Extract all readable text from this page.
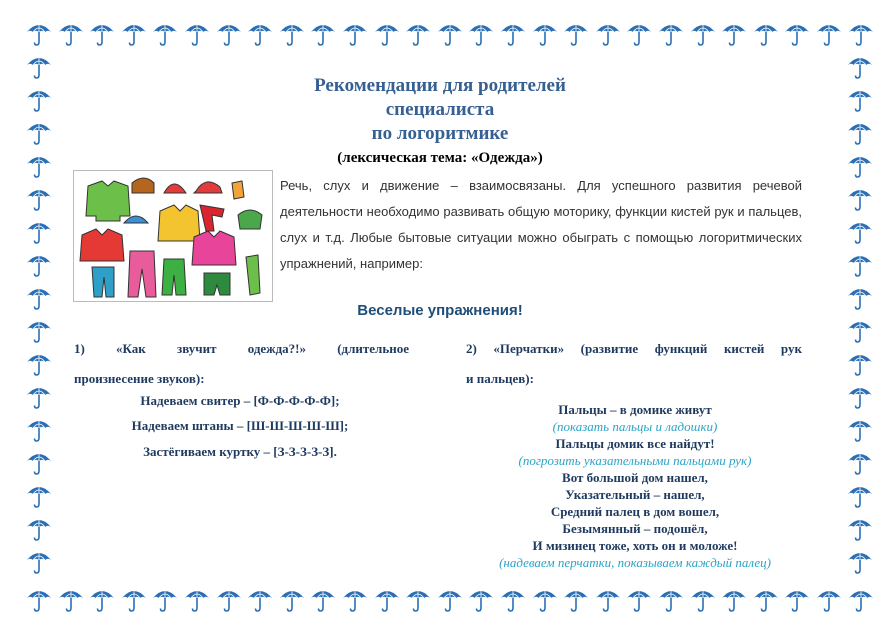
Рекомендации для родителей
специалиста
по логоритмике
(лексическая тема: «Одежда»)
Речь, слух и движение – взаимосвязаны. Для успешного развития речевой деятельности необходимо развивать общую моторику, функции кистей рук и пальцев, слух и т.д. Любые бытовые ситуации можно обыграть с помощью логоритмических упражнений, например:
Веселые упражнения!
1) «Как звучит одежда?!» (длительное
произнесение звуков):
Надеваем свитер – [Ф-Ф-Ф-Ф-Ф];
Надеваем штаны – [Ш-Ш-Ш-Ш-Ш];
Застёгиваем куртку – [З-З-З-З-З].
2) «Перчатки» (развитие функций кистей рук
и пальцев):
Пальцы – в домике живут
(показать пальцы и ладошки)
Пальцы домик все найдут!
(погрозить указательными пальцами рук)
Вот большой дом нашел,
Указательный – нашел,
Средний палец в дом вошел,
Безымянный – подошёл,
И мизинец тоже, хоть он и моложе!
(надеваем перчатки, показываем каждый палец)
